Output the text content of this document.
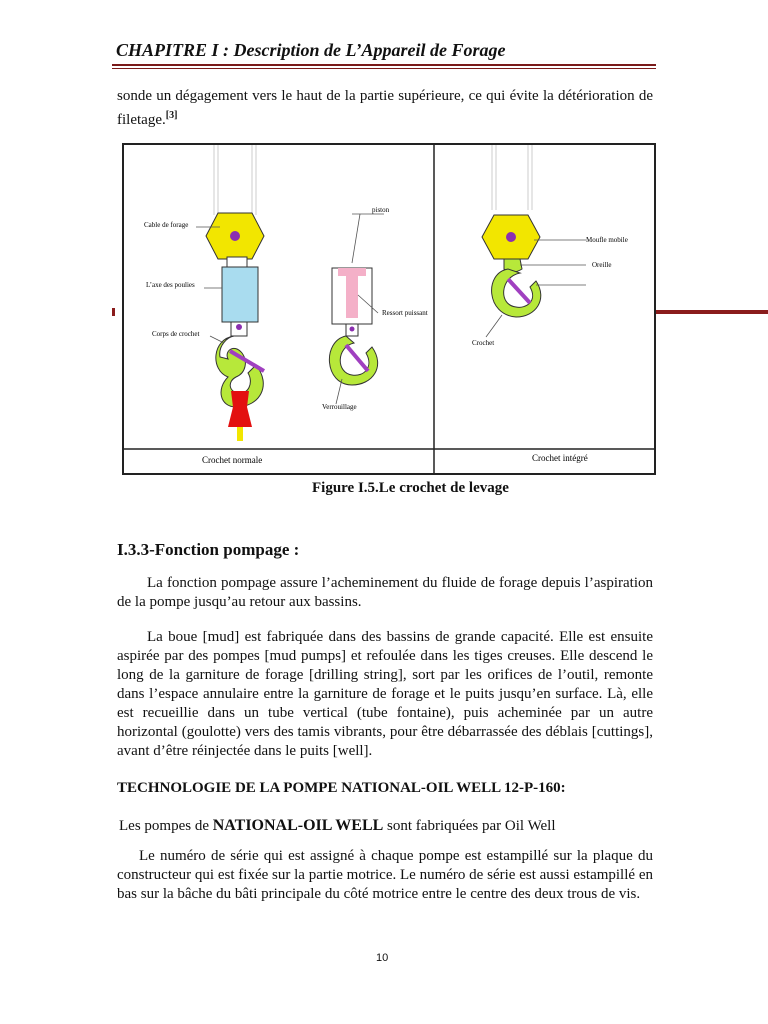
CHAPITRE I : Description de L’Appareil de Forage

sonde un dégagement vers le haut de la partie supérieure, ce qui évite la détérioration de filetage.[3]

Cable de forage
L’axe des poulies
Corps de crochet
piston
Ressort puissant
Verrouillage
Crochet normale
Moufle mobile
Oreille
Crochet
Crochet intégré
Figure I.5.Le crochet de levage
I.3.3-Fonction pompage :

La fonction pompage assure l’acheminement du fluide de forage depuis l’aspiration de la pompe jusqu’au retour aux bassins.

La boue [mud] est fabriquée dans des bassins de grande capacité. Elle est ensuite aspirée par des pompes [mud pumps] et refoulée dans les tiges creuses. Elle descend le long de la garniture de forage [drilling string], sort par les orifices de l’outil, remonte dans l’espace annulaire entre la garniture de forage et le puits jusqu’en surface. Là, elle est recueillie dans un tube vertical (tube fontaine), puis acheminée par un autre horizontal (goulotte) vers des tamis vibrants, pour être débarrassée des déblais [cuttings], avant d’être réinjectée dans le puits [well].

TECHNOLOGIE DE LA POMPE NATIONAL-OIL WELL 12-P-160:
Les pompes de NATIONAL-OIL WELL sont fabriquées par Oil Well

Le numéro de série qui est assigné à chaque pompe est estampillé sur la plaque du constructeur qui est fixée sur la partie motrice. Le numéro de série est aussi estampillé en bas sur la bâche du bâti principale du côté motrice entre le centre des deux trous de vis.

10
